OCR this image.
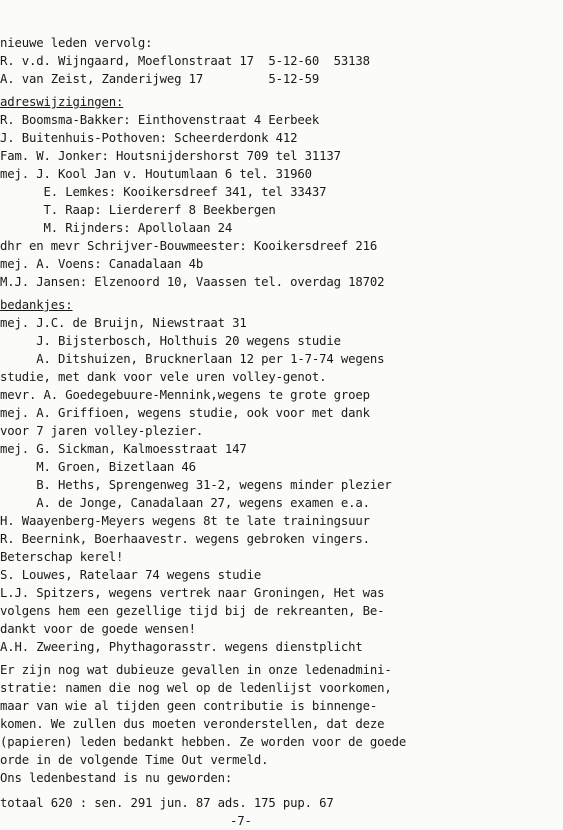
nieuwe leden vervolg:
R. v.d. Wijngaard, Moeflonstraat 17  5-12-60  53138
A. van Zeist, Zanderijweg 17         5-12-59
adreswijzigingen:
R. Boomsma-Bakker: Einthovenstraat 4 Eerbeek
J. Buitenhuis-Pothoven: Scheerderdonk 412
Fam. W. Jonker: Houtsnijdershorst 709 tel 31137
mej. J. Kool Jan v. Houtumlaan 6 tel. 31960
E. Lemkes: Kooikersdreef 341, tel 33437
T. Raap: Lierdererf 8 Beekbergen
M. Rijnders: Apollolaan 24
dhr en mevr Schrijver-Bouwmeester: Kooikersdreef 216
mej. A. Voens: Canadalaan 4b
M.J. Jansen: Elzenoord 10, Vaassen tel. overdag 18702
bedankjes:
mej. J.C. de Bruijn, Niewstraat 31
J. Bijsterbosch, Holthuis 20 wegens studie
A. Ditshuizen, Brucknerlaan 12 per 1-7-74 wegens
studie, met dank voor vele uren volley-genot.
mevr. A. Goedegebuure-Mennink,wegens te grote groep
mej. A. Griffioen, wegens studie, ook voor met dank
voor 7 jaren volley-plezier.
mej. G. Sickman, Kalmoesstraat 147
M. Groen, Bizetlaan 46
B. Heths, Sprengenweg 31-2, wegens minder plezier
A. de Jonge, Canadalaan 27, wegens examen e.a.
H. Waayenberg-Meyers wegens 8t te late trainingsuur
R. Beernink, Boerhaavestr. wegens gebroken vingers.
Beterschap kerel!
S. Louwes, Ratelaar 74 wegens studie
L.J. Spitzers, wegens vertrek naar Groningen, Het was
volgens hem een gezellige tijd bij de rekreanten, Be-
dankt voor de goede wensen!
A.H. Zweering, Phythagorasstr. wegens dienstplicht
Er zijn nog wat dubieuze gevallen in onze ledenadmini-
stratie: namen die nog wel op de ledenlijst voorkomen,
maar van wie al tijden geen contributie is binnenge-
komen. We zullen dus moeten veronderstellen, dat deze
(papieren) leden bedankt hebben. Ze worden voor de goede
orde in de volgende Time Out vermeld.
Ons ledenbestand is nu geworden:
totaal 620 : sen. 291 jun. 87 ads. 175 pup. 67
-7-
